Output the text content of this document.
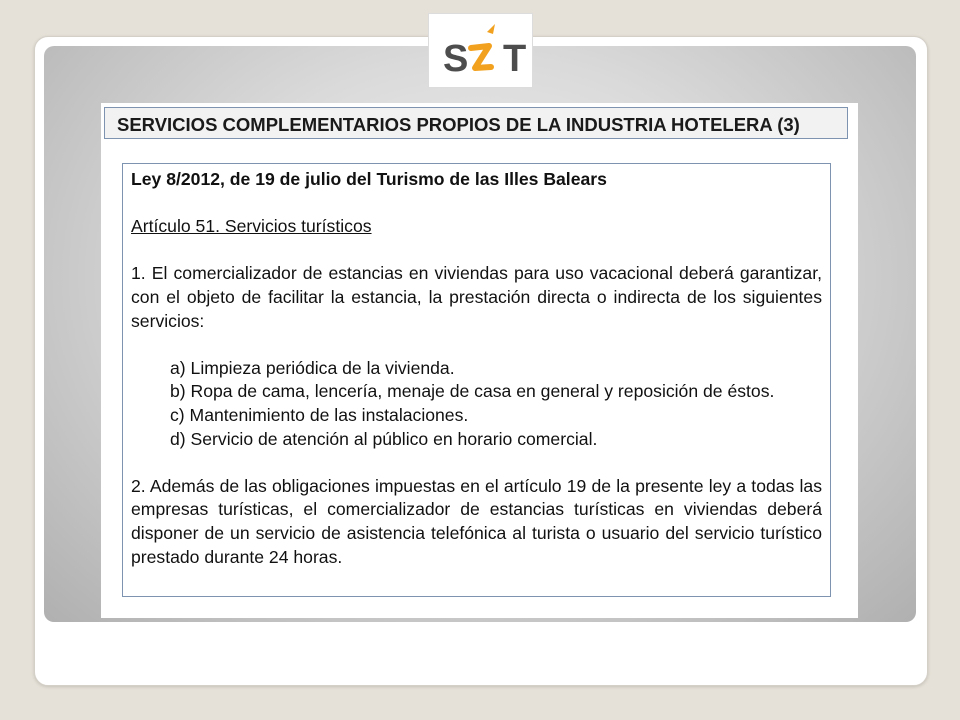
S T
SERVICIOS COMPLEMENTARIOS PROPIOS DE LA INDUSTRIA HOTELERA (3)

Ley 8/2012, de 19 de julio del Turismo de las Illes Balears

Artículo 51. Servicios turísticos

1. El comercializador de estancias en viviendas para uso vacacional deberá garantizar, con el objeto de facilitar la estancia, la prestación directa o indirecta de los siguientes servicios:

a) Limpieza periódica de la vivienda.
b) Ropa de cama, lencería, menaje de casa en general y reposición de éstos.
c) Mantenimiento de las instalaciones.
d) Servicio de atención al público en horario comercial.

2. Además de las obligaciones impuestas en el artículo 19 de la presente ley a todas las empresas turísticas, el comercializador de estancias turísticas en viviendas deberá disponer de un servicio de asistencia telefónica al turista o usuario del servicio turístico prestado durante 24 horas.
